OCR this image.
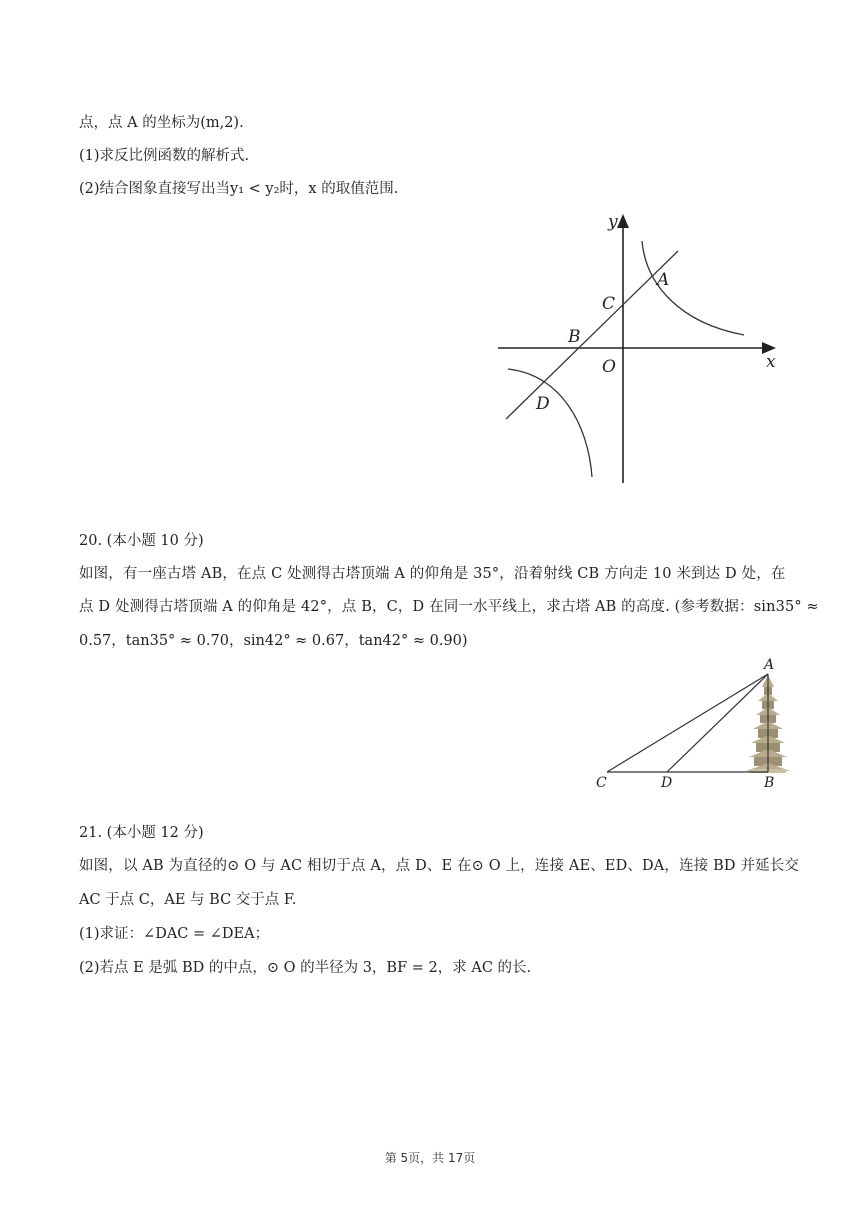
点，点 A 的坐标为(m,2).
(1)求反比例函数的解析式.
(2)结合图象直接写出当y₁ < y₂时，x 的取值范围.
y
x
O
A
B
C
D
20. (本小题 10 分)
如图，有一座古塔 AB，在点 C 处测得古塔顶端 A 的仰角是 35°，沿着射线 CB 方向走 10 米到达 D 处，在
点 D 处测得古塔顶端 A 的仰角是 42°，点 B，C，D 在同一水平线上，求古塔 AB 的高度. (参考数据：sin35° ≈
0.57，tan35° ≈ 0.70，sin42° ≈ 0.67，tan42° ≈ 0.90)
A
C	D	B
21. (本小题 12 分)
如图，以 AB 为直径的⊙ O 与 AC 相切于点 A，点 D、E 在⊙ O 上，连接 AE、ED、DA，连接 BD 并延长交
AC 于点 C，AE 与 BC 交于点 F.
(1)求证：∠DAC = ∠DEA；
(2)若点 E 是弧 BD 的中点，⊙ O 的半径为 3，BF = 2，求 AC 的长.
第 5页，共 17页
